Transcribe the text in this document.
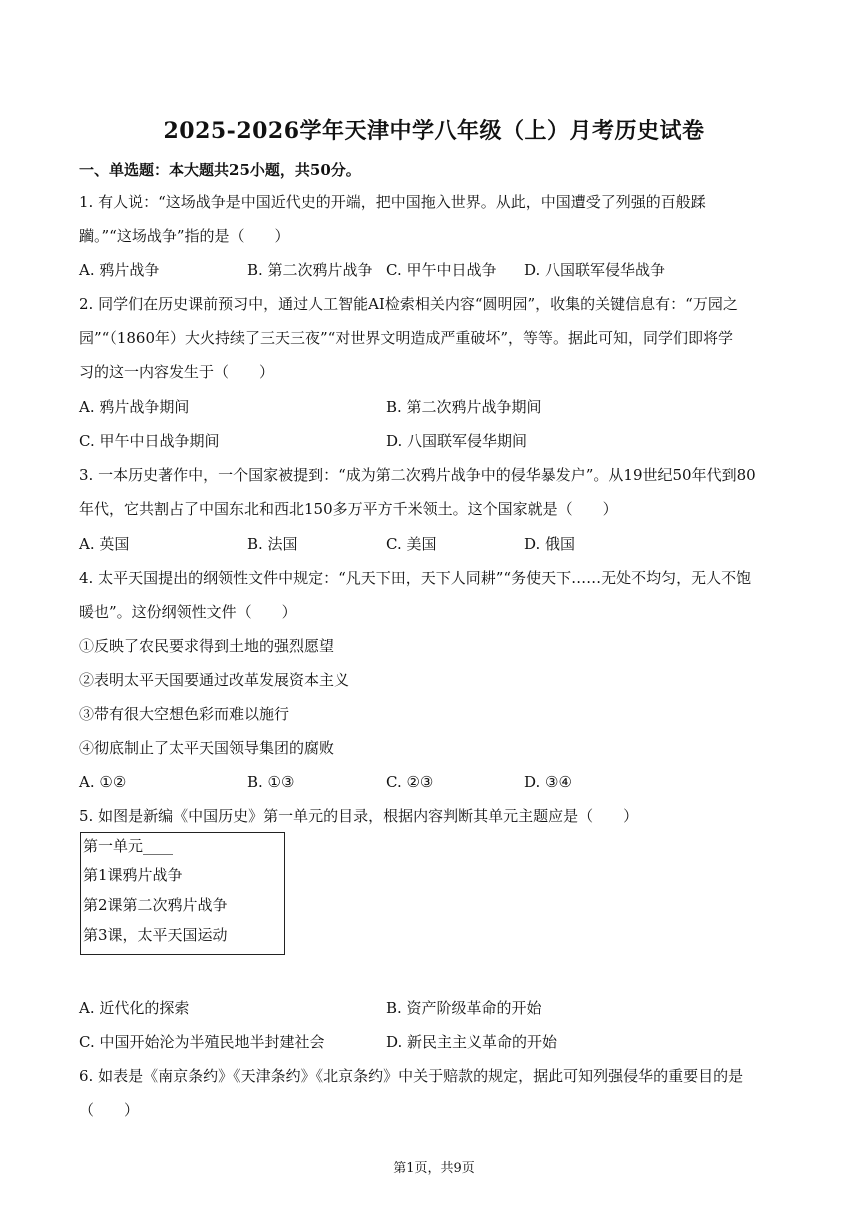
2025-2026学年天津中学八年级（上）月考历史试卷
一、单选题：本大题共25小题，共50分。
1. 有人说：“这场战争是中国近代史的开端，把中国拖入世界。从此，中国遭受了列强的百般蹂
躏。”“这场战争”指的是（　　）
A. 鸦片战争	B. 第二次鸦片战争 C. 甲午中日战争 D. 八国联军侵华战争
2. 同学们在历史课前预习中，通过人工智能AI检索相关内容“圆明园”，收集的关键信息有：“万园之
园”“（1860年）大火持续了三天三夜”“对世界文明造成严重破坏”，等等。据此可知，同学们即将学
习的这一内容发生于（　　）
A. 鸦片战争期间	B. 第二次鸦片战争期间
C. 甲午中日战争期间	D. 八国联军侵华期间
3. 一本历史著作中，一个国家被提到：“成为第二次鸦片战争中的侵华暴发户”。从19世纪50年代到80
年代，它共割占了中国东北和西北150多万平方千米领土。这个国家就是（　　）
A. 英国	B. 法国	C. 美国	D. 俄国
4. 太平天国提出的纲领性文件中规定：“凡天下田，天下人同耕”“务使天下……无处不均匀，无人不饱
暖也”。这份纲领性文件（　　）
①反映了农民要求得到土地的强烈愿望
②表明太平天国要通过改革发展资本主义
③带有很大空想色彩而难以施行
④彻底制止了太平天国领导集团的腐败
A. ①②	B. ①③	C. ②③	D. ③④
5. 如图是新编《中国历史》第一单元的目录，根据内容判断其单元主题应是（　　）
第一单元____
第1课鸦片战争
第2课第二次鸦片战争
第3课，太平天国运动
A. 近代化的探索	B. 资产阶级革命的开始
C. 中国开始沦为半殖民地半封建社会	D. 新民主主义革命的开始
6. 如表是《南京条约》《天津条约》《北京条约》中关于赔款的规定，据此可知列强侵华的重要目的是
（　　）
第1页，共9页
